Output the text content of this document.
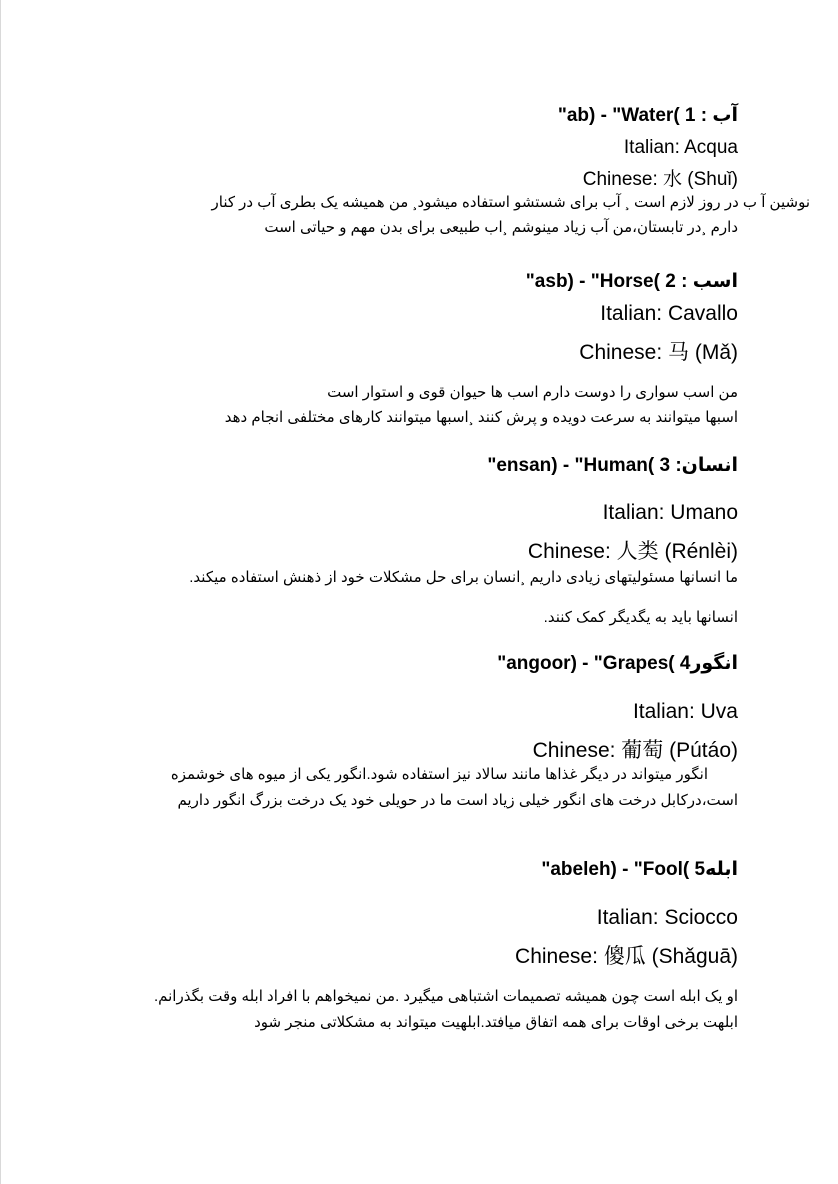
"ab) - "Water( 1 : آب
Italian: Acqua
Chinese: 水 (Shuǐ)
نوشین آ ب در روز لازم است ¸ آب برای شستشو استفاده میشود¸ من همیشه یک بطری آب در کنار
دارم ¸در تابستان،من آب زیاد مینوشم ¸اب طبیعی برای بدن مهم و حیاتی است
"asb) - "Horse( 2 : اسب
Italian: Cavallo
Chinese: 马 (Mǎ)
من اسب سواری را دوست دارم اسب ها حیوان قوی و استوار است
اسبها میتوانند به سرعت دویده و پرش کنند ¸اسبها میتوانند کارهای مختلفی انجام دهد
"ensan) - "Human( 3 :انسان
Italian: Umano
Chinese: 人类 (Rénlèi)
ما انسانها مسئولیتهای زیادی داریم ¸انسان برای حل مشکلات خود از ذهنش استفاده میکند.
انسانها باید به یگدیگر کمک کنند.
"angoor) - "Grapes( 4انگور
Italian: Uva
Chinese: 葡萄 (Pútáo)
انگور میتواند در دیگر غذاها مانند سالاد نیز استفاده شود.انگور یکی از میوه های خوشمزه
است،درکابل درخت های انگور خیلی زیاد است ما در حویلی خود یک درخت بزرگ انگور داریم
"abeleh) - "Fool( 5ابله
Italian: Sciocco
Chinese: 傻瓜 (Shǎguā)
او یک ابله است چون همیشه تصمیمات اشتباهی میگیرد .من نمیخواهم با افراد ابله وقت بگذرانم.
ابلهت برخی اوقات برای همه اتفاق میافتد.ابلهیت میتواند به مشکلاتی منجر شود
